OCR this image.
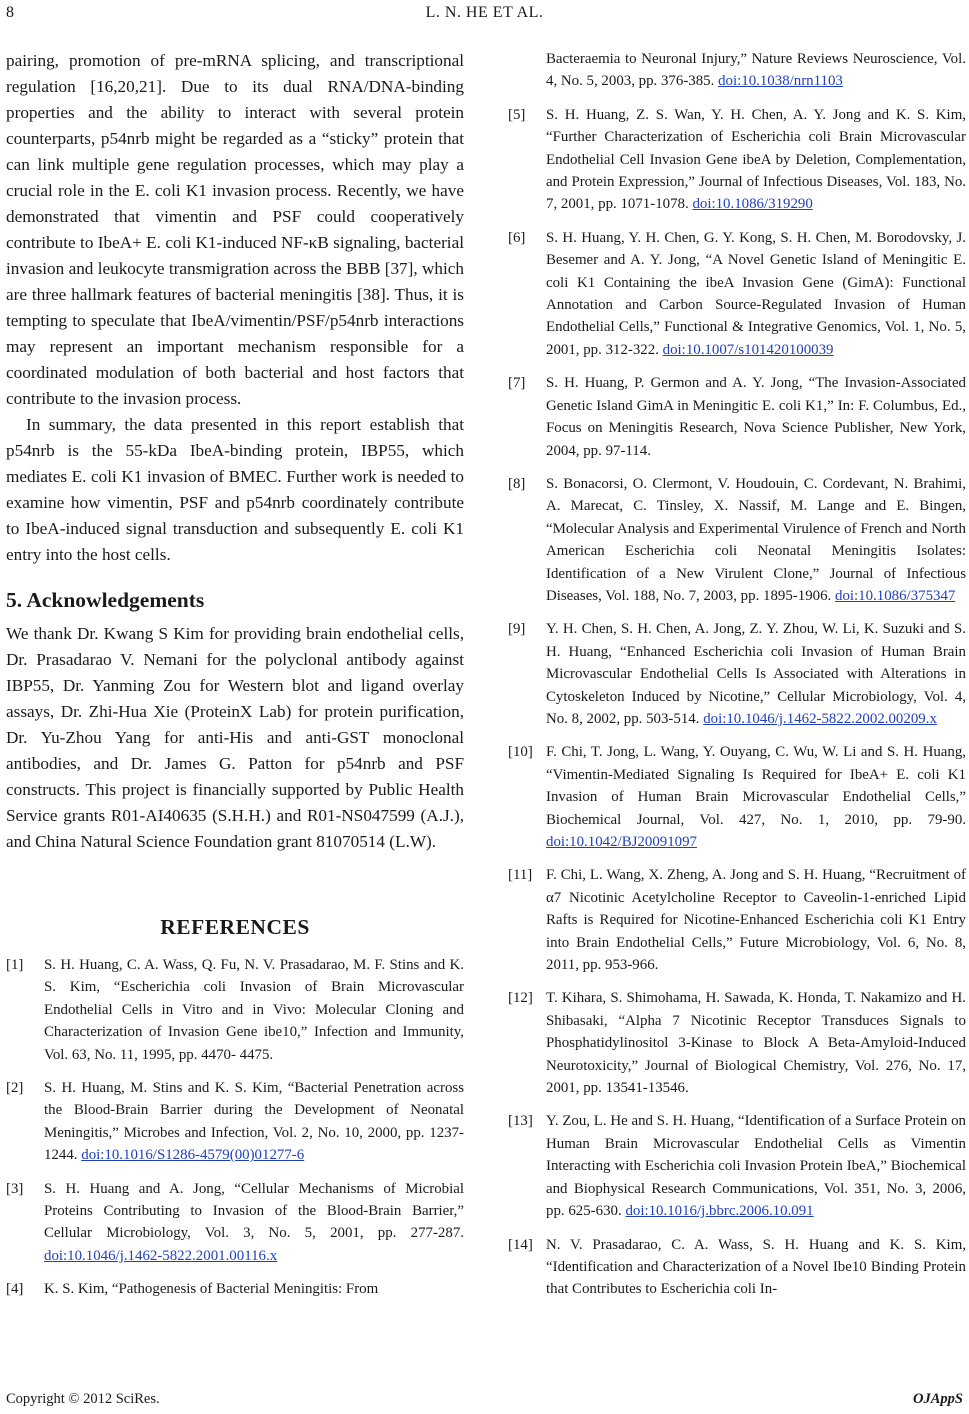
8	L. N. HE ET AL.

pairing, promotion of pre-mRNA splicing, and transcriptional regulation [16,20,21]. Due to its dual RNA/DNA-binding properties and the ability to interact with several protein counterparts, p54nrb might be regarded as a “sticky” protein that can link multiple gene regulation processes, which may play a crucial role in the E. coli K1 invasion process. Recently, we have demonstrated that vimentin and PSF could cooperatively contribute to IbeA+ E. coli K1-induced NF-κB signaling, bacterial invasion and leukocyte transmigration across the BBB [37], which are three hallmark features of bacterial meningitis [38]. Thus, it is tempting to speculate that IbeA/vimentin/PSF/p54nrb interactions may represent an important mechanism responsible for a coordinated modulation of both bacterial and host factors that contribute to the invasion process.

In summary, the data presented in this report establish that p54nrb is the 55-kDa IbeA-binding protein, IBP55, which mediates E. coli K1 invasion of BMEC. Further work is needed to examine how vimentin, PSF and p54nrb coordinately contribute to IbeA-induced signal transduction and subsequently E. coli K1 entry into the host cells.

5. Acknowledgements

We thank Dr. Kwang S Kim for providing brain endothelial cells, Dr. Prasadarao V. Nemani for the polyclonal antibody against IBP55, Dr. Yanming Zou for Western blot and ligand overlay assays, Dr. Zhi-Hua Xie (ProteinX Lab) for protein purification, Dr. Yu-Zhou Yang for anti-His and anti-GST monoclonal antibodies, and Dr. James G. Patton for p54nrb and PSF constructs. This project is financially supported by Public Health Service grants R01-AI40635 (S.H.H.) and R01-NS047599 (A.J.), and China Natural Science Foundation grant 81070514 (L.W).

REFERENCES
[1]	S. H. Huang, C. A. Wass, Q. Fu, N. V. Prasadarao, M. F. Stins and K. S. Kim, “Escherichia coli Invasion of Brain Microvascular Endothelial Cells in Vitro and in Vivo: Molecular Cloning and Characterization of Invasion Gene ibe10,” Infection and Immunity, Vol. 63, No. 11, 1995, pp. 4470- 4475.
[2]	S. H. Huang, M. Stins and K. S. Kim, “Bacterial Penetration across the Blood-Brain Barrier during the Development of Neonatal Meningitis,” Microbes and Infection, Vol. 2, No. 10, 2000, pp. 1237-1244. doi:10.1016/S1286-4579(00)01277-6
[3]	S. H. Huang and A. Jong, “Cellular Mechanisms of Microbial Proteins Contributing to Invasion of the Blood-Brain Barrier,” Cellular Microbiology, Vol. 3, No. 5, 2001, pp. 277-287. doi:10.1046/j.1462-5822.2001.00116.x
[4]	K. S. Kim, “Pathogenesis of Bacterial Meningitis: From
Bacteraemia to Neuronal Injury,” Nature Reviews Neuroscience, Vol. 4, No. 5, 2003, pp. 376-385. doi:10.1038/nrn1103
[5]	S. H. Huang, Z. S. Wan, Y. H. Chen, A. Y. Jong and K. S. Kim, “Further Characterization of Escherichia coli Brain Microvascular Endothelial Cell Invasion Gene ibeA by Deletion, Complementation, and Protein Expression,” Journal of Infectious Diseases, Vol. 183, No. 7, 2001, pp. 1071-1078. doi:10.1086/319290
[6]	S. H. Huang, Y. H. Chen, G. Y. Kong, S. H. Chen, M. Borodovsky, J. Besemer and A. Y. Jong, “A Novel Genetic Island of Meningitic E. coli K1 Containing the ibeA Invasion Gene (GimA): Functional Annotation and Carbon Source-Regulated Invasion of Human Endothelial Cells,” Functional & Integrative Genomics, Vol. 1, No. 5, 2001, pp. 312-322. doi:10.1007/s101420100039
[7]	S. H. Huang, P. Germon and A. Y. Jong, “The Invasion-Associated Genetic Island GimA in Meningitic E. coli K1,” In: F. Columbus, Ed., Focus on Meningitis Research, Nova Science Publisher, New York, 2004, pp. 97-114.
[8]	S. Bonacorsi, O. Clermont, V. Houdouin, C. Cordevant, N. Brahimi, A. Marecat, C. Tinsley, X. Nassif, M. Lange and E. Bingen, “Molecular Analysis and Experimental Virulence of French and North American Escherichia coli Neonatal Meningitis Isolates: Identification of a New Virulent Clone,” Journal of Infectious Diseases, Vol. 188, No. 7, 2003, pp. 1895-1906. doi:10.1086/375347
[9]	Y. H. Chen, S. H. Chen, A. Jong, Z. Y. Zhou, W. Li, K. Suzuki and S. H. Huang, “Enhanced Escherichia coli Invasion of Human Brain Microvascular Endothelial Cells Is Associated with Alterations in Cytoskeleton Induced by Nicotine,” Cellular Microbiology, Vol. 4, No. 8, 2002, pp. 503-514. doi:10.1046/j.1462-5822.2002.00209.x
[10] F. Chi, T. Jong, L. Wang, Y. Ouyang, C. Wu, W. Li and S. H. Huang, “Vimentin-Mediated Signaling Is Required for IbeA+ E. coli K1 Invasion of Human Brain Microvascular Endothelial Cells,” Biochemical Journal, Vol. 427, No. 1, 2010, pp. 79-90. doi:10.1042/BJ20091097
[11] F. Chi, L. Wang, X. Zheng, A. Jong and S. H. Huang, “Recruitment of α7 Nicotinic Acetylcholine Receptor to Caveolin-1-enriched Lipid Rafts is Required for Nicotine-Enhanced Escherichia coli K1 Entry into Brain Endothelial Cells,” Future Microbiology, Vol. 6, No. 8, 2011, pp. 953-966.
[12] T. Kihara, S. Shimohama, H. Sawada, K. Honda, T. Nakamizo and H. Shibasaki, “Alpha 7 Nicotinic Receptor Transduces Signals to Phosphatidylinositol 3-Kinase to Block A Beta-Amyloid-Induced Neurotoxicity,” Journal of Biological Chemistry, Vol. 276, No. 17, 2001, pp. 13541-13546.
[13] Y. Zou, L. He and S. H. Huang, “Identification of a Surface Protein on Human Brain Microvascular Endothelial Cells as Vimentin Interacting with Escherichia coli Invasion Protein IbeA,” Biochemical and Biophysical Research Communications, Vol. 351, No. 3, 2006, pp. 625-630. doi:10.1016/j.bbrc.2006.10.091
[14] N. V. Prasadarao, C. A. Wass, S. H. Huang and K. S. Kim, “Identification and Characterization of a Novel Ibe10 Binding Protein that Contributes to Escherichia coli In-
Copyright © 2012 SciRes.	OJAppS
